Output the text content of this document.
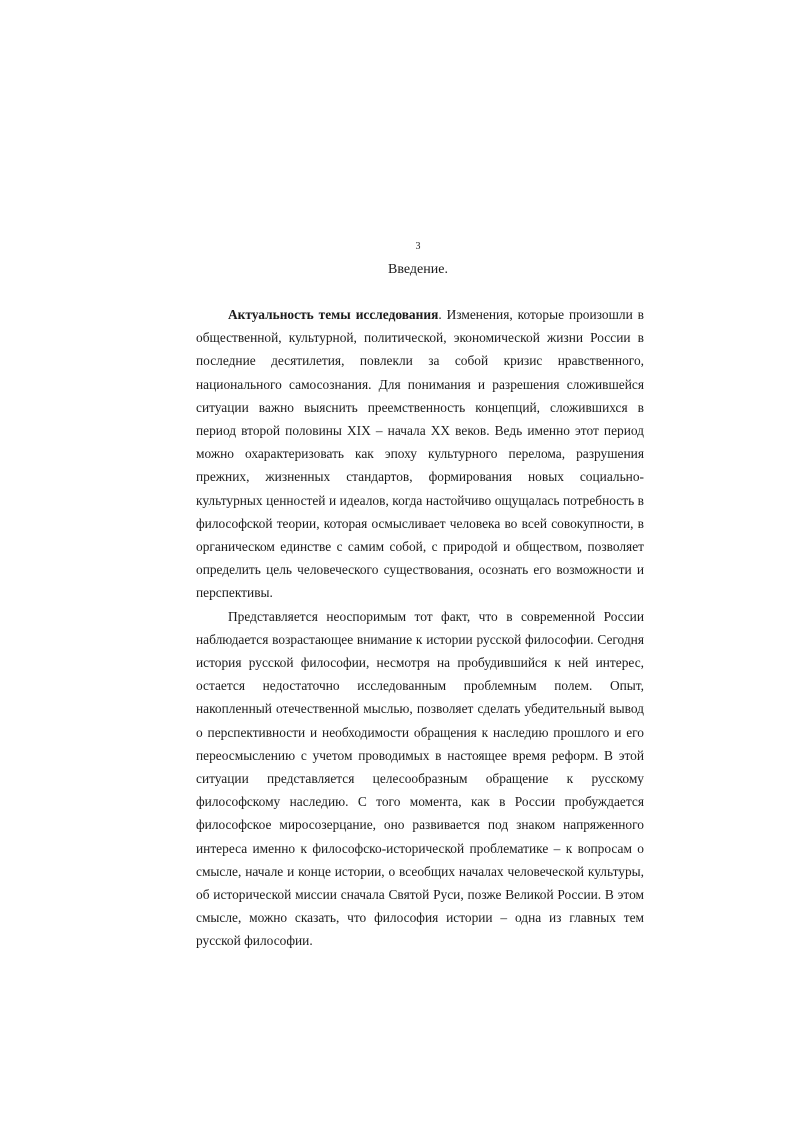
3
Введение.

Актуальность темы исследования. Изменения, которые произошли в общественной, культурной, политической, экономической жизни России в последние десятилетия, повлекли за собой кризис нравственного, национального самосознания. Для понимания и разрешения сложившейся ситуации важно выяснить преемственность концепций, сложившихся в период второй половины XIX – начала XX веков. Ведь именно этот период можно охарактеризовать как эпоху культурного перелома, разрушения прежних, жизненных стандартов, формирования новых социально-культурных ценностей и идеалов, когда настойчиво ощущалась потребность в философской теории, которая осмысливает человека во всей совокупности, в органическом единстве с самим собой, с природой и обществом, позволяет определить цель человеческого существования, осознать его возможности и перспективы.

Представляется неоспоримым тот факт, что в современной России наблюдается возрастающее внимание к истории русской философии. Сегодня история русской философии, несмотря на пробудившийся к ней интерес, остается недостаточно исследованным проблемным полем. Опыт, накопленный отечественной мыслью, позволяет сделать убедительный вывод о перспективности и необходимости обращения к наследию прошлого и его переосмыслению с учетом проводимых в настоящее время реформ. В этой ситуации представляется целесообразным обращение к русскому философскому наследию. С того момента, как в России пробуждается философское миросозерцание, оно развивается под знаком напряженного интереса именно к философско-исторической проблематике – к вопросам о смысле, начале и конце истории, о всеобщих началах человеческой культуры, об исторической миссии сначала Святой Руси, позже Великой России. В этом смысле, можно сказать, что философия истории – одна из главных тем русской философии.
